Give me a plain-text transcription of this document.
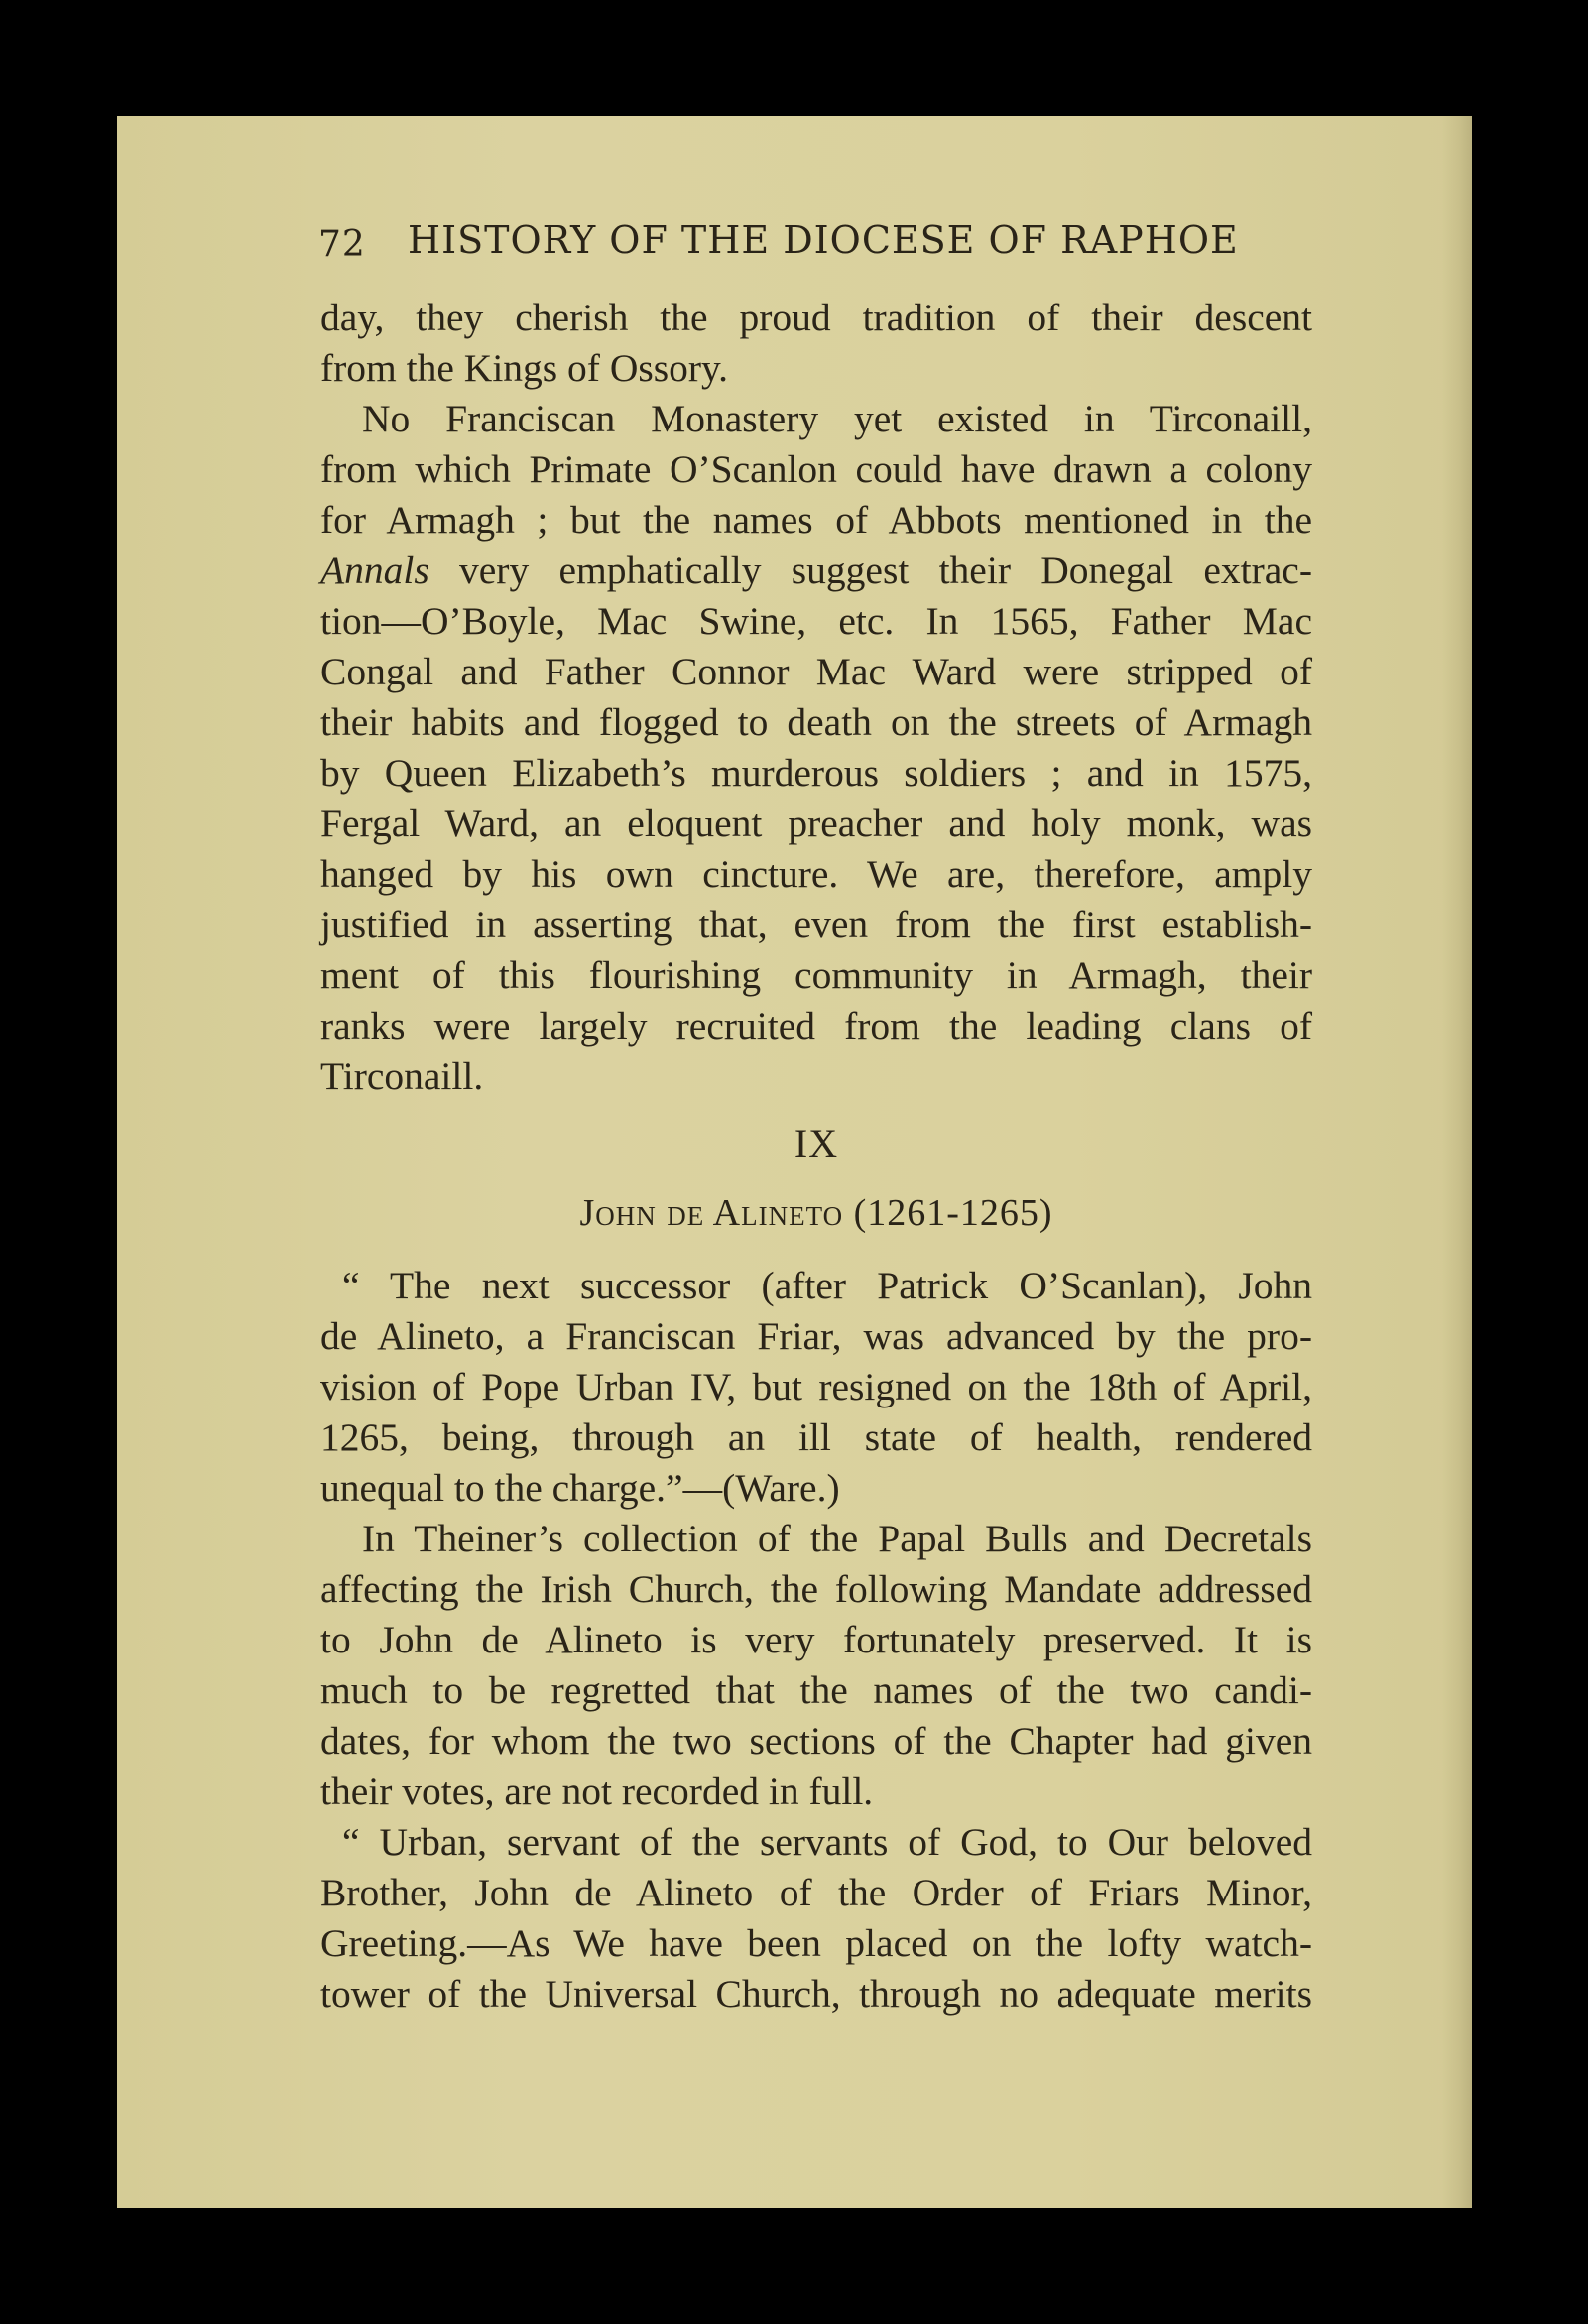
72 HISTORY OF THE DIOCESE OF RAPHOE
day, they cherish the proud tradition of their descent
from the Kings of Ossory.
No Franciscan Monastery yet existed in Tirconaill,
from which Primate O’Scanlon could have drawn a colony
for Armagh ; but the names of Abbots mentioned in the
Annals very emphatically suggest their Donegal extrac-
tion—O’Boyle, Mac Swine, etc. In 1565, Father Mac
Congal and Father Connor Mac Ward were stripped of
their habits and flogged to death on the streets of Armagh
by Queen Elizabeth’s murderous soldiers ; and in 1575,
Fergal Ward, an eloquent preacher and holy monk, was
hanged by his own cincture. We are, therefore, amply
justified in asserting that, even from the first establish-
ment of this flourishing community in Armagh, their
ranks were largely recruited from the leading clans of
Tirconaill.
IX
John de Alineto (1261-1265)
“ The next successor (after Patrick O’Scanlan), John
de Alineto, a Franciscan Friar, was advanced by the pro-
vision of Pope Urban IV, but resigned on the 18th of April,
1265, being, through an ill state of health, rendered
unequal to the charge.”—(Ware.)
In Theiner’s collection of the Papal Bulls and Decretals
affecting the Irish Church, the following Mandate addressed
to John de Alineto is very fortunately preserved. It is
much to be regretted that the names of the two candi-
dates, for whom the two sections of the Chapter had given
their votes, are not recorded in full.
“ Urban, servant of the servants of God, to Our beloved
Brother, John de Alineto of the Order of Friars Minor,
Greeting.—As We have been placed on the lofty watch-
tower of the Universal Church, through no adequate merits
